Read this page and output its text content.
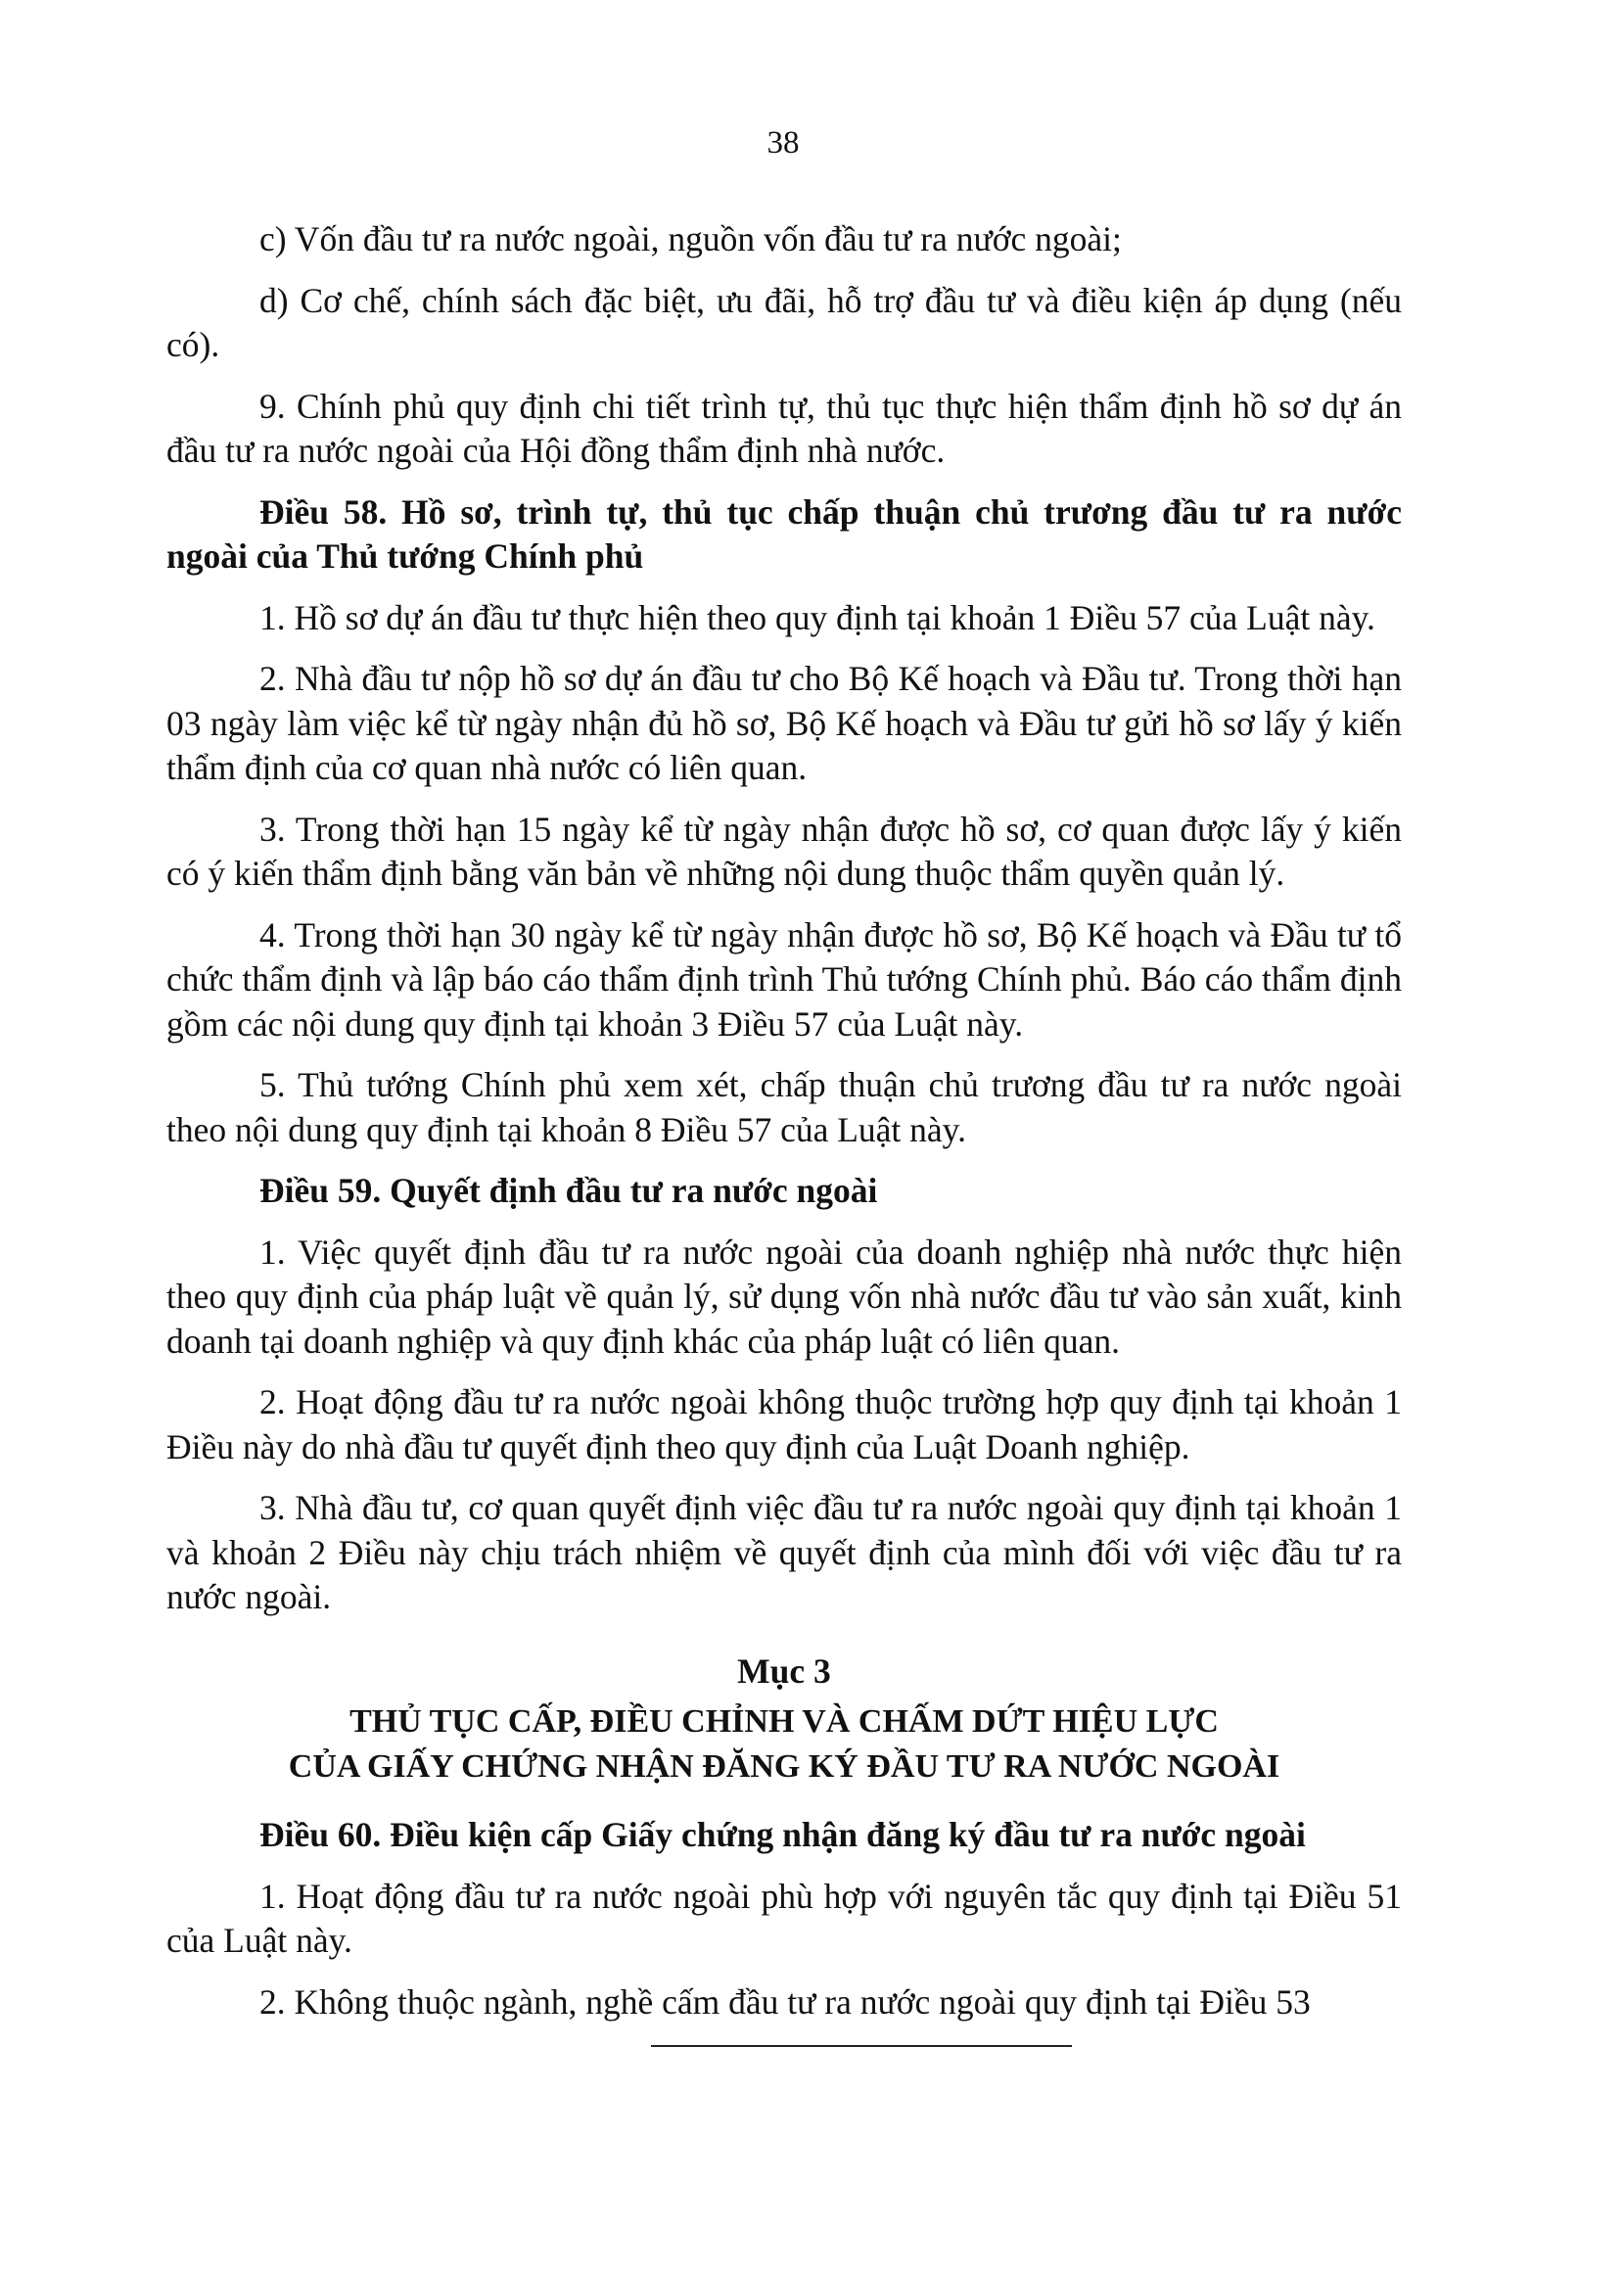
38

c) Vốn đầu tư ra nước ngoài, nguồn vốn đầu tư ra nước ngoài;

d) Cơ chế, chính sách đặc biệt, ưu đãi, hỗ trợ đầu tư và điều kiện áp dụng (nếu có).

9. Chính phủ quy định chi tiết trình tự, thủ tục thực hiện thẩm định hồ sơ dự án đầu tư ra nước ngoài của Hội đồng thẩm định nhà nước.

Điều 58. Hồ sơ, trình tự, thủ tục chấp thuận chủ trương đầu tư ra nước ngoài của Thủ tướng Chính phủ

1. Hồ sơ dự án đầu tư thực hiện theo quy định tại khoản 1 Điều 57 của Luật này.

2. Nhà đầu tư nộp hồ sơ dự án đầu tư cho Bộ Kế hoạch và Đầu tư. Trong thời hạn 03 ngày làm việc kể từ ngày nhận đủ hồ sơ, Bộ Kế hoạch và Đầu tư gửi hồ sơ lấy ý kiến thẩm định của cơ quan nhà nước có liên quan.

3. Trong thời hạn 15 ngày kể từ ngày nhận được hồ sơ, cơ quan được lấy ý kiến có ý kiến thẩm định bằng văn bản về những nội dung thuộc thẩm quyền quản lý.

4. Trong thời hạn 30 ngày kể từ ngày nhận được hồ sơ, Bộ Kế hoạch và Đầu tư tổ chức thẩm định và lập báo cáo thẩm định trình Thủ tướng Chính phủ. Báo cáo thẩm định gồm các nội dung quy định tại khoản 3 Điều 57 của Luật này.

5. Thủ tướng Chính phủ xem xét, chấp thuận chủ trương đầu tư ra nước ngoài theo nội dung quy định tại khoản 8 Điều 57 của Luật này.

Điều 59. Quyết định đầu tư ra nước ngoài

1. Việc quyết định đầu tư ra nước ngoài của doanh nghiệp nhà nước thực hiện theo quy định của pháp luật về quản lý, sử dụng vốn nhà nước đầu tư vào sản xuất, kinh doanh tại doanh nghiệp và quy định khác của pháp luật có liên quan.

2. Hoạt động đầu tư ra nước ngoài không thuộc trường hợp quy định tại khoản 1 Điều này do nhà đầu tư quyết định theo quy định của Luật Doanh nghiệp.

3. Nhà đầu tư, cơ quan quyết định việc đầu tư ra nước ngoài quy định tại khoản 1 và khoản 2 Điều này chịu trách nhiệm về quyết định của mình đối với việc đầu tư ra nước ngoài.

Mục 3

THỦ TỤC CẤP, ĐIỀU CHỈNH VÀ CHẤM DỨT HIỆU LỰC
CỦA GIẤY CHỨNG NHẬN ĐĂNG KÝ ĐẦU TƯ RA NƯỚC NGOÀI

Điều 60. Điều kiện cấp Giấy chứng nhận đăng ký đầu tư ra nước ngoài

1. Hoạt động đầu tư ra nước ngoài phù hợp với nguyên tắc quy định tại Điều 51 của Luật này.

2. Không thuộc ngành, nghề cấm đầu tư ra nước ngoài quy định tại Điều 53
